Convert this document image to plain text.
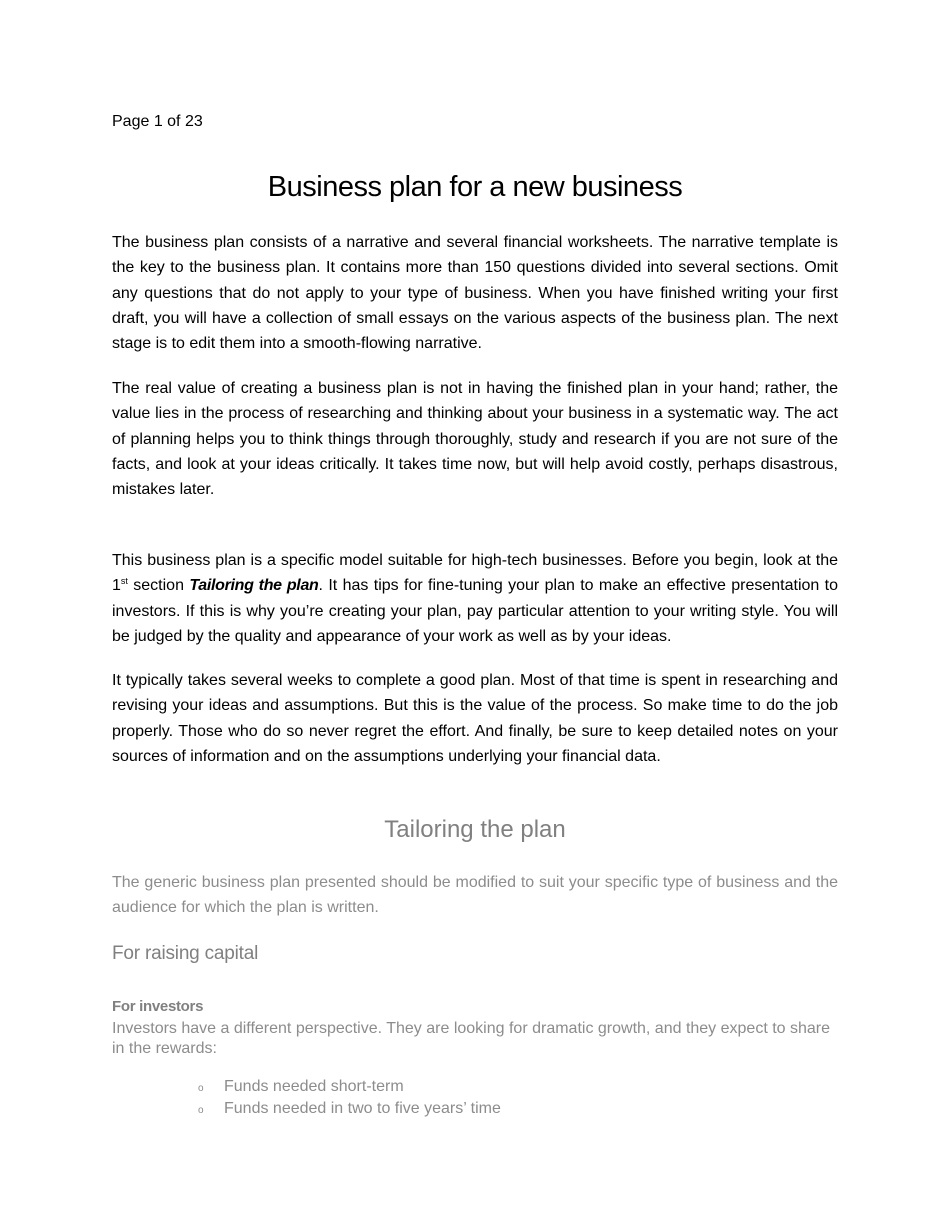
Page 1 of 23
Business plan for a new business

The business plan consists of a narrative and several financial worksheets. The narrative template is the key to the business plan. It contains more than 150 questions divided into several sections. Omit any questions that do not apply to your type of business. When you have finished writing your first draft, you will have a collection of small essays on the various aspects of the business plan. The next stage is to edit them into a smooth-flowing narrative.

The real value of creating a business plan is not in having the finished plan in your hand; rather, the value lies in the process of researching and thinking about your business in a systematic way. The act of planning helps you to think things through thoroughly, study and research if you are not sure of the facts, and look at your ideas critically. It takes time now, but will help avoid costly, perhaps disastrous, mistakes later.

This business plan is a specific model suitable for high-tech businesses. Before you begin, look at the 1st section Tailoring the plan. It has tips for fine-tuning your plan to make an effective presentation to investors. If this is why you’re creating your plan, pay particular attention to your writing style. You will be judged by the quality and appearance of your work as well as by your ideas.

It typically takes several weeks to complete a good plan. Most of that time is spent in researching and revising your ideas and assumptions. But this is the value of the process. So make time to do the job properly. Those who do so never regret the effort. And finally, be sure to keep detailed notes on your sources of information and on the assumptions underlying your financial data.

Tailoring the plan

The generic business plan presented should be modified to suit your specific type of business and the audience for which the plan is written.

For raising capital
For investors

Investors have a different perspective. They are looking for dramatic growth, and they expect to share in the rewards:

o	Funds needed short-term
o	Funds needed in two to five years’ time
